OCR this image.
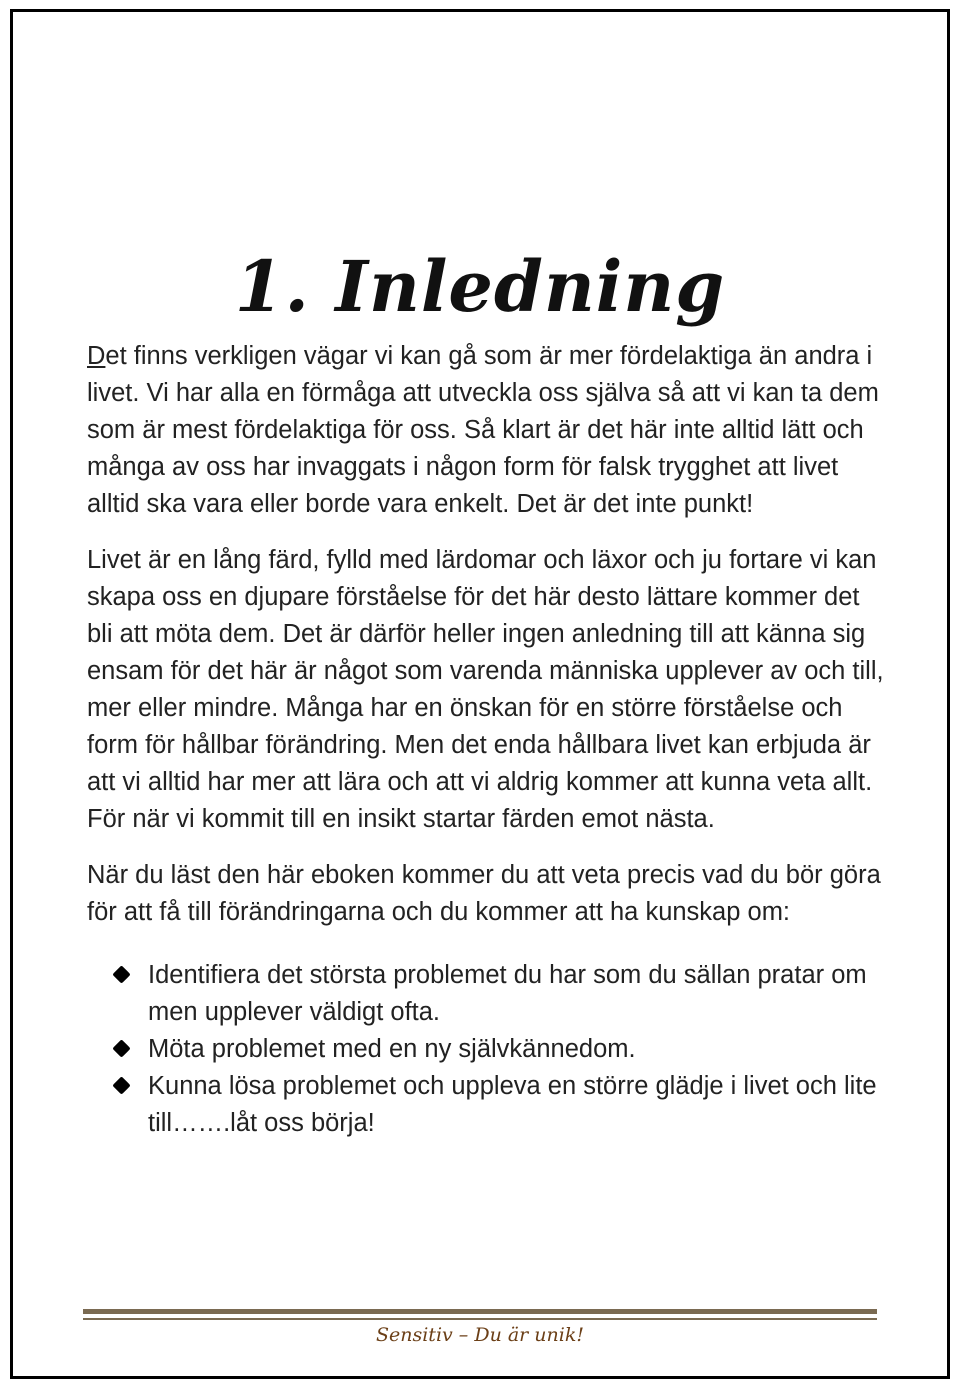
1. Inledning

Det finns verkligen vägar vi kan gå som är mer fördelaktiga än andra i livet. Vi har alla en förmåga att utveckla oss själva så att vi kan ta dem som är mest fördelaktiga för oss. Så klart är det här inte alltid lätt och många av oss har invaggats i någon form för falsk trygghet att livet alltid ska vara eller borde vara enkelt. Det är det inte punkt!

Livet är en lång färd, fylld med lärdomar och läxor och ju fortare vi kan skapa oss en djupare förståelse för det här desto lättare kommer det bli att möta dem. Det är därför heller ingen anledning till att känna sig ensam för det här är något som varenda människa upplever av och till, mer eller mindre. Många har en önskan för en större förståelse och form för hållbar förändring. Men det enda hållbara livet kan erbjuda är att vi alltid har mer att lära och att vi aldrig kommer att kunna veta allt. För när vi kommit till en insikt startar färden emot nästa.

När du läst den här eboken kommer du att veta precis vad du bör göra för att få till förändringarna och du kommer att ha kunskap om:

Identifiera det största problemet du har som du sällan pratar om men upplever väldigt ofta.
Möta problemet med en ny självkännedom.
Kunna lösa problemet och uppleva en större glädje i livet och lite till…….låt oss börja!
Sensitiv – Du är unik!
